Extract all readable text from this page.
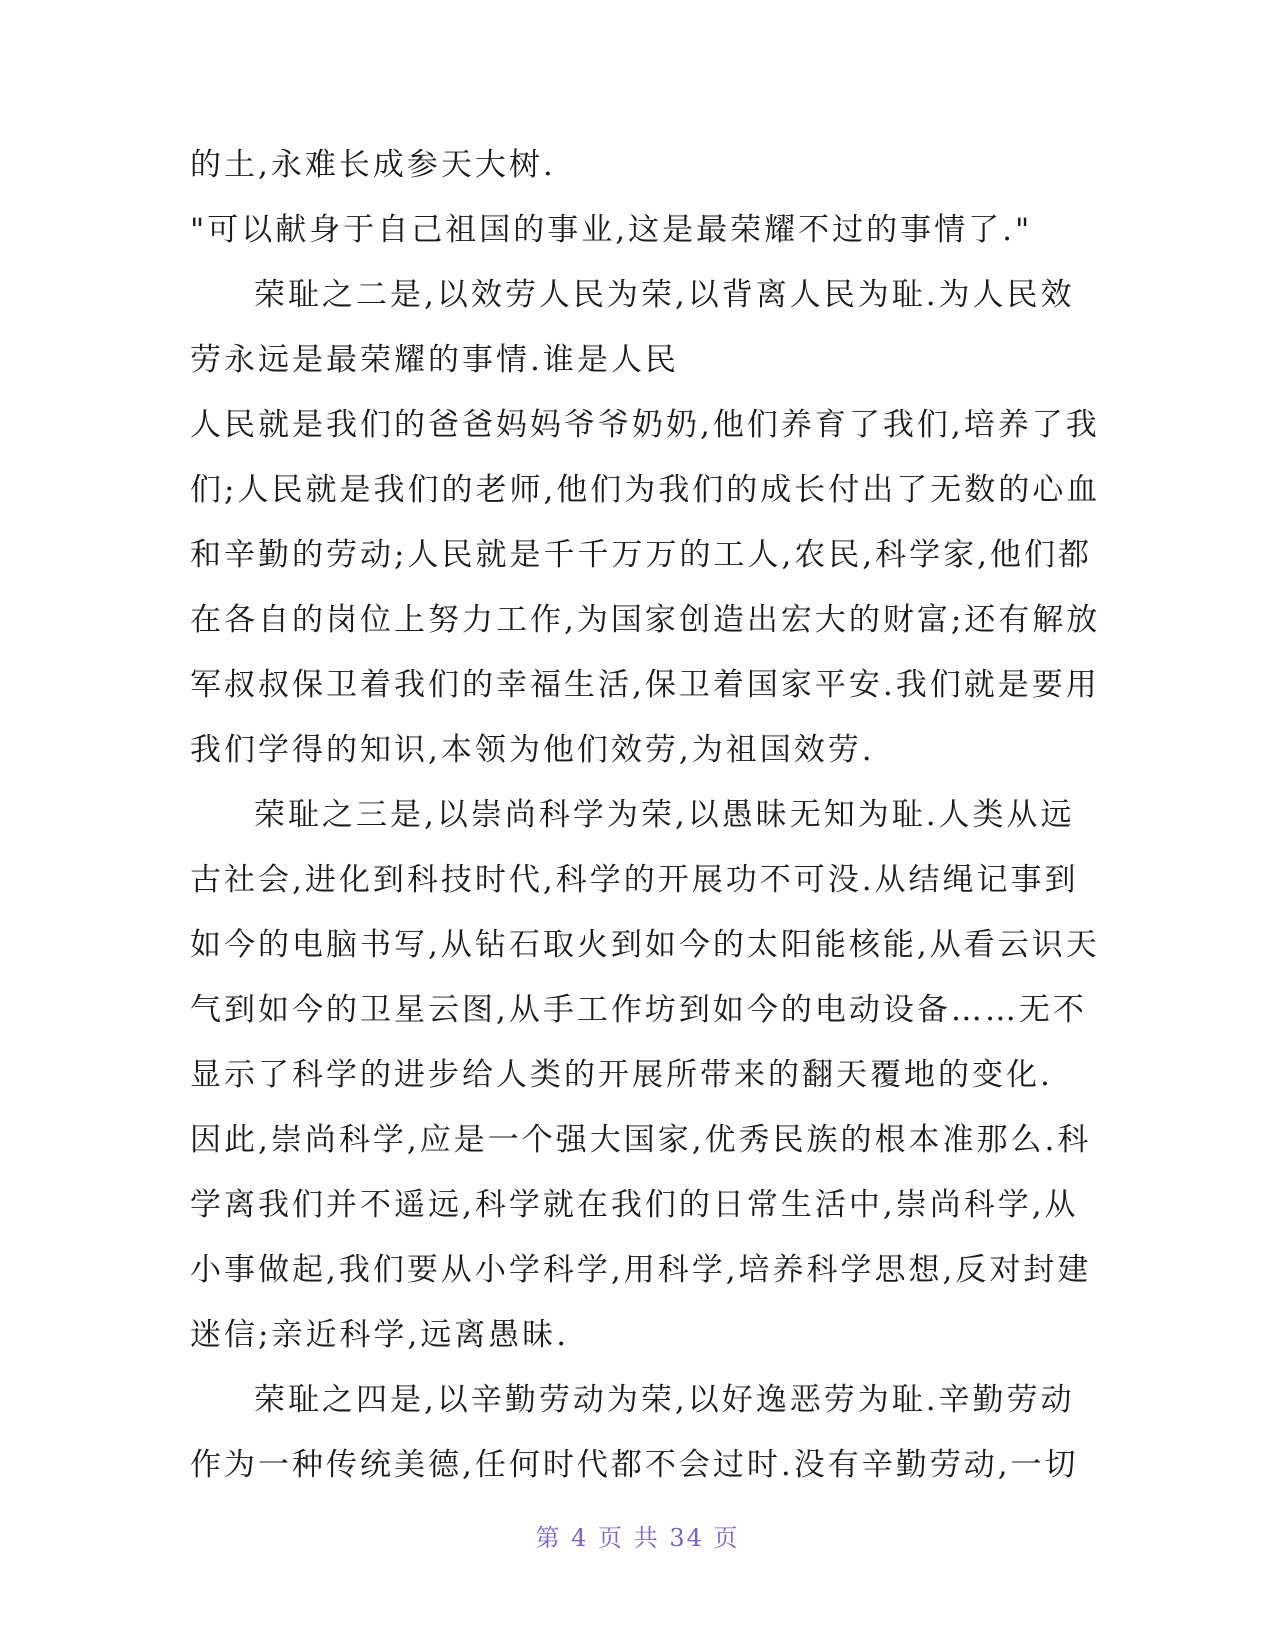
的土,永难长成参天大树.
"可以献身于自己祖国的事业,这是最荣耀不过的事情了."
荣耻之二是,以效劳人民为荣,以背离人民为耻.为人民效
劳永远是最荣耀的事情.谁是人民
人民就是我们的爸爸妈妈爷爷奶奶,他们养育了我们,培养了我
们;人民就是我们的老师,他们为我们的成长付出了无数的心血
和辛勤的劳动;人民就是千千万万的工人,农民,科学家,他们都
在各自的岗位上努力工作,为国家创造出宏大的财富;还有解放
军叔叔保卫着我们的幸福生活,保卫着国家平安.我们就是要用
我们学得的知识,本领为他们效劳,为祖国效劳.
荣耻之三是,以崇尚科学为荣,以愚昧无知为耻.人类从远
古社会,进化到科技时代,科学的开展功不可没.从结绳记事到
如今的电脑书写,从钻石取火到如今的太阳能核能,从看云识天
气到如今的卫星云图,从手工作坊到如今的电动设备……无不
显示了科学的进步给人类的开展所带来的翻天覆地的变化.
因此,崇尚科学,应是一个强大国家,优秀民族的根本准那么.科
学离我们并不遥远,科学就在我们的日常生活中,崇尚科学,从
小事做起,我们要从小学科学,用科学,培养科学思想,反对封建
迷信;亲近科学,远离愚昧.
荣耻之四是,以辛勤劳动为荣,以好逸恶劳为耻.辛勤劳动
作为一种传统美德,任何时代都不会过时.没有辛勤劳动,一切
第 4 页 共 34 页
